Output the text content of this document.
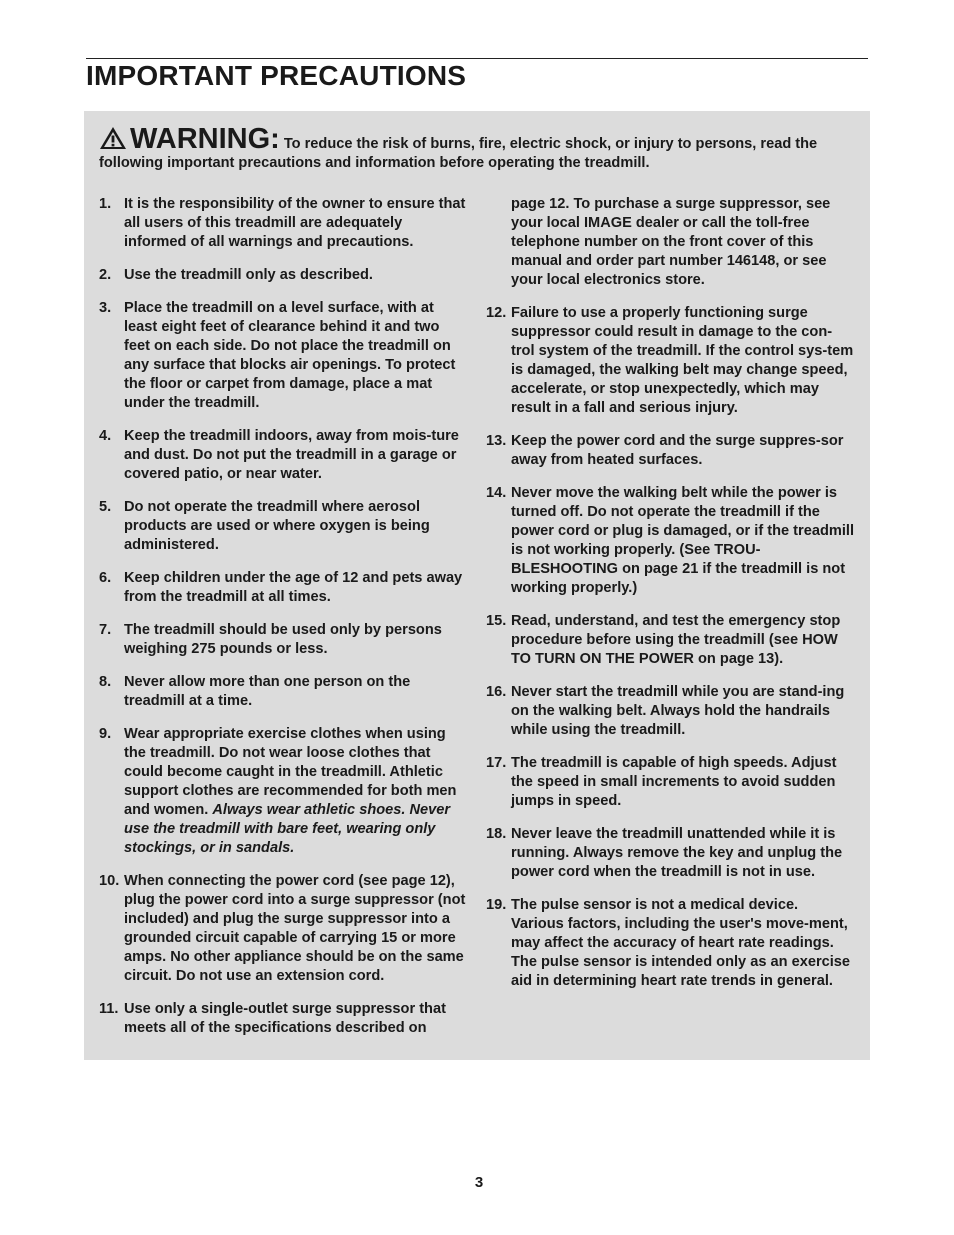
IMPORTANT PRECAUTIONS
WARNING: To reduce the risk of burns, fire, electric shock, or injury to persons, read the following important precautions and information before operating the treadmill.
1. It is the responsibility of the owner to ensure that all users of this treadmill are adequately informed of all warnings and precautions.
2. Use the treadmill only as described.
3. Place the treadmill on a level surface, with at least eight feet of clearance behind it and two feet on each side. Do not place the treadmill on any surface that blocks air openings. To protect the floor or carpet from damage, place a mat under the treadmill.
4. Keep the treadmill indoors, away from mois-ture and dust. Do not put the treadmill in a garage or covered patio, or near water.
5. Do not operate the treadmill where aerosol products are used or where oxygen is being administered.
6. Keep children under the age of 12 and pets away from the treadmill at all times.
7. The treadmill should be used only by persons weighing 275 pounds or less.
8. Never allow more than one person on the treadmill at a time.
9. Wear appropriate exercise clothes when using the treadmill. Do not wear loose clothes that could become caught in the treadmill. Athletic support clothes are recommended for both men and women. Always wear athletic shoes. Never use the treadmill with bare feet, wearing only stockings, or in sandals.
10. When connecting the power cord (see page 12), plug the power cord into a surge suppressor (not included) and plug the surge suppressor into a grounded circuit capable of carrying 15 or more amps. No other appliance should be on the same circuit. Do not use an extension cord.
11. Use only a single-outlet surge suppressor that meets all of the specifications described on
page 12. To purchase a surge suppressor, see your local IMAGE dealer or call the toll-free telephone number on the front cover of this manual and order part number 146148, or see your local electronics store.
12. Failure to use a properly functioning surge suppressor could result in damage to the con-trol system of the treadmill. If the control sys-tem is damaged, the walking belt may change speed, accelerate, or stop unexpectedly, which may result in a fall and serious injury.
13. Keep the power cord and the surge suppres-sor away from heated surfaces.
14. Never move the walking belt while the power is turned off. Do not operate the treadmill if the power cord or plug is damaged, or if the treadmill is not working properly. (See TROU-BLESHOOTING on page 21 if the treadmill is not working properly.)
15. Read, understand, and test the emergency stop procedure before using the treadmill (see HOW TO TURN ON THE POWER on page 13).
16. Never start the treadmill while you are stand-ing on the walking belt. Always hold the handrails while using the treadmill.
17. The treadmill is capable of high speeds. Adjust the speed in small increments to avoid sudden jumps in speed.
18. Never leave the treadmill unattended while it is running. Always remove the key and unplug the power cord when the treadmill is not in use.
19. The pulse sensor is not a medical device. Various factors, including the user's move-ment, may affect the accuracy of heart rate readings. The pulse sensor is intended only as an exercise aid in determining heart rate trends in general.
3
